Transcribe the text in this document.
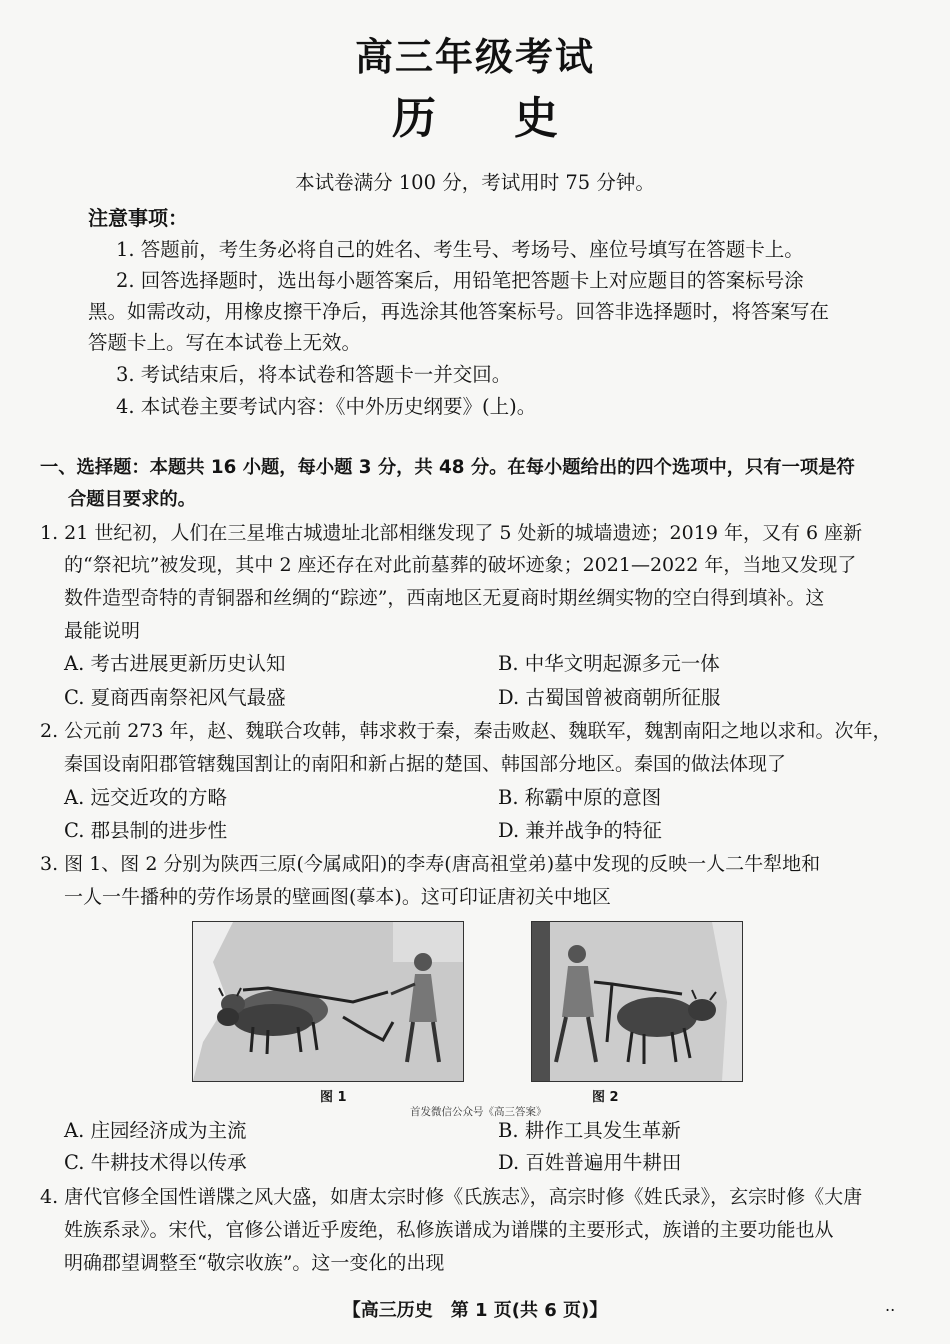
高三年级考试
历 史
本试卷满分 100 分，考试用时 75 分钟。
注意事项：
1. 答题前，考生务必将自己的姓名、考生号、考场号、座位号填写在答题卡上。
2. 回答选择题时，选出每小题答案后，用铅笔把答题卡上对应题目的答案标号涂
黑。如需改动，用橡皮擦干净后，再选涂其他答案标号。回答非选择题时，将答案写在
答题卡上。写在本试卷上无效。
3. 考试结束后，将本试卷和答题卡一并交回。
4. 本试卷主要考试内容：《中外历史纲要》(上)。
一、选择题：本题共 16 小题，每小题 3 分，共 48 分。在每小题给出的四个选项中，只有一项是符
合题目要求的。
1. 21 世纪初，人们在三星堆古城遗址北部相继发现了 5 处新的城墙遗迹；2019 年，又有 6 座新
的“祭祀坑”被发现，其中 2 座还存在对此前墓葬的破坏迹象；2021—2022 年，当地又发现了
数件造型奇特的青铜器和丝绸的“踪迹”，西南地区无夏商时期丝绸实物的空白得到填补。这
最能说明
A. 考古进展更新历史认知	B. 中华文明起源多元一体
C. 夏商西南祭祀风气最盛	D. 古蜀国曾被商朝所征服
2. 公元前 273 年，赵、魏联合攻韩，韩求救于秦，秦击败赵、魏联军，魏割南阳之地以求和。次年，
秦国设南阳郡管辖魏国割让的南阳和新占据的楚国、韩国部分地区。秦国的做法体现了
A. 远交近攻的方略	B. 称霸中原的意图
C. 郡县制的进步性	D. 兼并战争的特征
3. 图 1、图 2 分别为陕西三原(今属咸阳)的李寿(唐高祖堂弟)墓中发现的反映一人二牛犁地和
一人一牛播种的劳作场景的壁画图(摹本)。这可印证唐初关中地区
图 1	图 2
首发微信公众号《高三答案》
A. 庄园经济成为主流	B. 耕作工具发生革新
C. 牛耕技术得以传承	D. 百姓普遍用牛耕田
4. 唐代官修全国性谱牒之风大盛，如唐太宗时修《氏族志》，高宗时修《姓氏录》，玄宗时修《大唐
姓族系录》。宋代，官修公谱近乎废绝，私修族谱成为谱牒的主要形式，族谱的主要功能也从
明确郡望调整至“敬宗收族”。这一变化的出现
【高三历史　第 1 页(共 6 页)】	..
